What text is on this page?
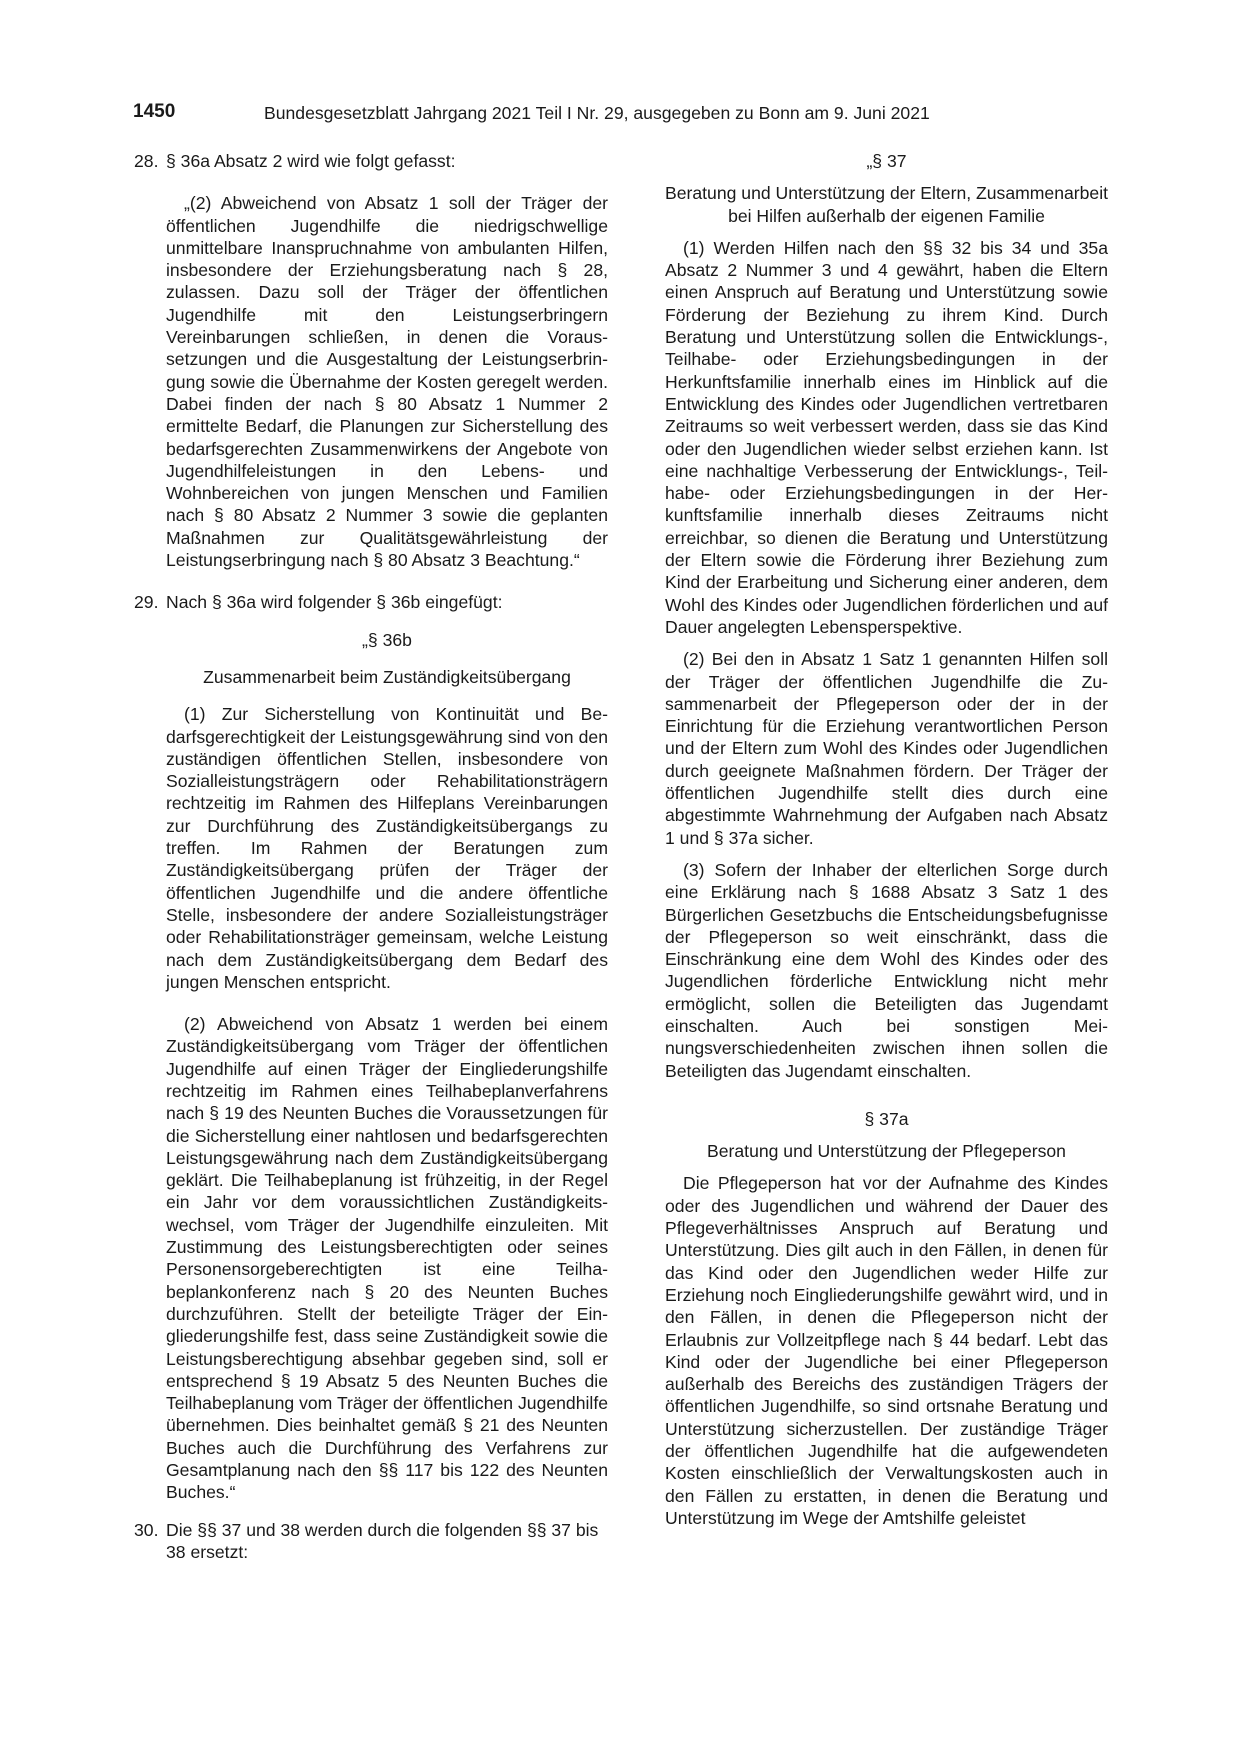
1450	Bundesgesetzblatt Jahrgang 2021 Teil I Nr. 29, ausgegeben zu Bonn am 9. Juni 2021
28. § 36a Absatz 2 wird wie folgt gefasst:

„(2) Abweichend von Absatz 1 soll der Träger der öffentlichen Jugendhilfe die niedrigschwellige unmittelbare Inanspruchnahme von ambulanten Hilfen, insbesondere der Erziehungsberatung nach § 28, zulassen. Dazu soll der Träger der öffentlichen Jugendhilfe mit den Leistungserbringern Vereinbarungen schließen, in denen die Voraussetzungen und die Ausgestaltung der Leistungserbringung sowie die Übernahme der Kosten geregelt werden. Dabei finden der nach § 80 Absatz 1 Nummer 2 ermittelte Bedarf, die Planungen zur Sicherstellung des bedarfsgerechten Zusammenwirkens der Angebote von Jugendhilfeleistungen in den Lebens- und Wohnbereichen von jungen Menschen und Familien nach § 80 Absatz 2 Nummer 3 sowie die geplanten Maßnahmen zur Qualitätsgewährleistung der Leistungserbringung nach § 80 Absatz 3 Beachtung.“

29. Nach § 36a wird folgender § 36b eingefügt:

„§ 36b

Zusammenarbeit beim Zuständigkeitsübergang

(1) Zur Sicherstellung von Kontinuität und Bedarfsgerechtigkeit der Leistungsgewährung sind von den zuständigen öffentlichen Stellen, insbesondere von Sozialleistungsträgern oder Rehabilitationsträgern rechtzeitig im Rahmen des Hilfeplans Vereinbarungen zur Durchführung des Zuständigkeitsübergangs zu treffen. Im Rahmen der Beratungen zum Zuständigkeitsübergang prüfen der Träger der öffentlichen Jugendhilfe und die andere öffentliche Stelle, insbesondere der andere Sozialleistungsträger oder Rehabilitationsträger gemeinsam, welche Leistung nach dem Zuständigkeitsübergang dem Bedarf des jungen Menschen entspricht.

(2) Abweichend von Absatz 1 werden bei einem Zuständigkeitsübergang vom Träger der öffentlichen Jugendhilfe auf einen Träger der Eingliederungshilfe rechtzeitig im Rahmen eines Teilhabeplanverfahrens nach § 19 des Neunten Buches die Voraussetzungen für die Sicherstellung einer nahtlosen und bedarfsgerechten Leistungsgewährung nach dem Zuständigkeitsübergang geklärt. Die Teilhabeplanung ist frühzeitig, in der Regel ein Jahr vor dem voraussichtlichen Zuständigkeitswechsel, vom Träger der Jugendhilfe einzuleiten. Mit Zustimmung des Leistungsberechtigten oder seines Personensorgeberechtigten ist eine Teilhabeplankonferenz nach § 20 des Neunten Buches durchzuführen. Stellt der beteiligte Träger der Eingliederungshilfe fest, dass seine Zuständigkeit sowie die Leistungsberechtigung absehbar gegeben sind, soll er entsprechend § 19 Absatz 5 des Neunten Buches die Teilhabeplanung vom Träger der öffentlichen Jugendhilfe übernehmen. Dies beinhaltet gemäß § 21 des Neunten Buches auch die Durchführung des Verfahrens zur Gesamtplanung nach den §§ 117 bis 122 des Neunten Buches.“

30. Die §§ 37 und 38 werden durch die folgenden §§ 37 bis 38 ersetzt:

„§ 37

Beratung und Unterstützung der Eltern, Zusammenarbeit bei Hilfen außerhalb der eigenen Familie

(1) Werden Hilfen nach den §§ 32 bis 34 und 35a Absatz 2 Nummer 3 und 4 gewährt, haben die Eltern einen Anspruch auf Beratung und Unterstützung sowie Förderung der Beziehung zu ihrem Kind. Durch Beratung und Unterstützung sollen die Entwicklungs-, Teilhabe- oder Erziehungsbedingungen in der Herkunftsfamilie innerhalb eines im Hinblick auf die Entwicklung des Kindes oder Jugendlichen vertretbaren Zeitraums so weit verbessert werden, dass sie das Kind oder den Jugendlichen wieder selbst erziehen kann. Ist eine nachhaltige Verbesserung der Entwicklungs-, Teilhabe- oder Erziehungsbedingungen in der Herkunftsfamilie innerhalb dieses Zeitraums nicht erreichbar, so dienen die Beratung und Unterstützung der Eltern sowie die Förderung ihrer Beziehung zum Kind der Erarbeitung und Sicherung einer anderen, dem Wohl des Kindes oder Jugendlichen förderlichen und auf Dauer angelegten Lebensperspektive.

(2) Bei den in Absatz 1 Satz 1 genannten Hilfen soll der Träger der öffentlichen Jugendhilfe die Zusammenarbeit der Pflegeperson oder der in der Einrichtung für die Erziehung verantwortlichen Person und der Eltern zum Wohl des Kindes oder Jugendlichen durch geeignete Maßnahmen fördern. Der Träger der öffentlichen Jugendhilfe stellt dies durch eine abgestimmte Wahrnehmung der Aufgaben nach Absatz 1 und § 37a sicher.

(3) Sofern der Inhaber der elterlichen Sorge durch eine Erklärung nach § 1688 Absatz 3 Satz 1 des Bürgerlichen Gesetzbuchs die Entscheidungsbefugnisse der Pflegeperson so weit einschränkt, dass die Einschränkung eine dem Wohl des Kindes oder des Jugendlichen förderliche Entwicklung nicht mehr ermöglicht, sollen die Beteiligten das Jugendamt einschalten. Auch bei sonstigen Meinungsverschiedenheiten zwischen ihnen sollen die Beteiligten das Jugendamt einschalten.

§ 37a

Beratung und Unterstützung der Pflegeperson

Die Pflegeperson hat vor der Aufnahme des Kindes oder des Jugendlichen und während der Dauer des Pflegeverhältnisses Anspruch auf Beratung und Unterstützung. Dies gilt auch in den Fällen, in denen für das Kind oder den Jugendlichen weder Hilfe zur Erziehung noch Eingliederungshilfe gewährt wird, und in den Fällen, in denen die Pflegeperson nicht der Erlaubnis zur Vollzeitpflege nach § 44 bedarf. Lebt das Kind oder der Jugendliche bei einer Pflegeperson außerhalb des Bereichs des zuständigen Trägers der öffentlichen Jugendhilfe, so sind ortsnahe Beratung und Unterstützung sicherzustellen. Der zuständige Träger der öffentlichen Jugendhilfe hat die aufgewendeten Kosten einschließlich der Verwaltungskosten auch in den Fällen zu erstatten, in denen die Beratung und Unterstützung im Wege der Amtshilfe geleistet
